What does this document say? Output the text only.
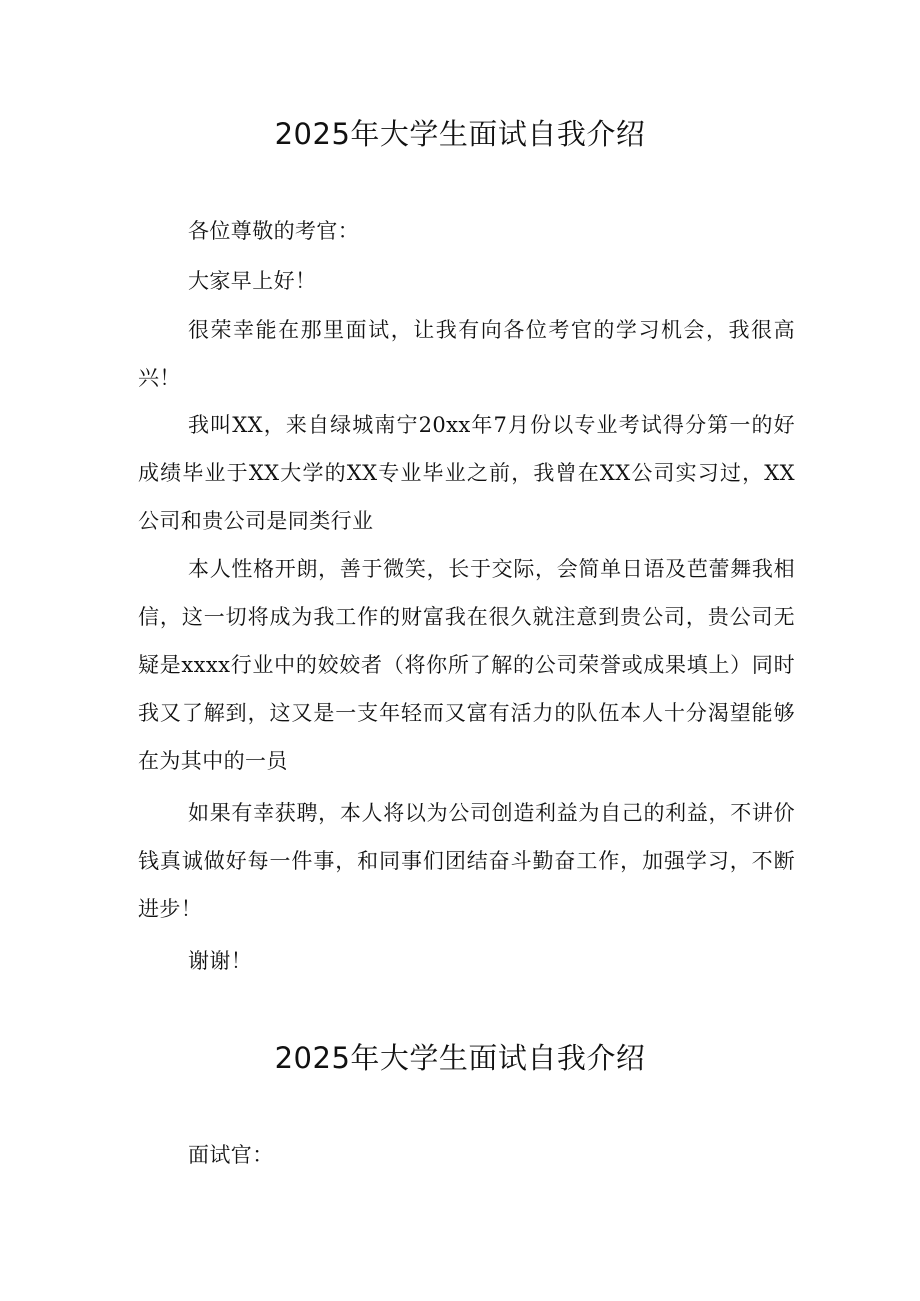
2025年大学生面试自我介绍

各位尊敬的考官：

大家早上好！

很荣幸能在那里面试，让我有向各位考官的学习机会，我很高兴！

我叫XX，来自绿城南宁20xx年7月份以专业考试得分第一的好成绩毕业于XX大学的XX专业毕业之前，我曾在XX公司实习过，XX公司和贵公司是同类行业

本人性格开朗，善于微笑，长于交际，会简单日语及芭蕾舞我相信，这一切将成为我工作的财富我在很久就注意到贵公司，贵公司无疑是xxxx行业中的姣姣者（将你所了解的公司荣誉或成果填上）同时我又了解到，这又是一支年轻而又富有活力的队伍本人十分渴望能够在为其中的一员

如果有幸获聘，本人将以为公司创造利益为自己的利益，不讲价钱真诚做好每一件事，和同事们团结奋斗勤奋工作，加强学习，不断进步！

谢谢！

2025年大学生面试自我介绍

面试官：
